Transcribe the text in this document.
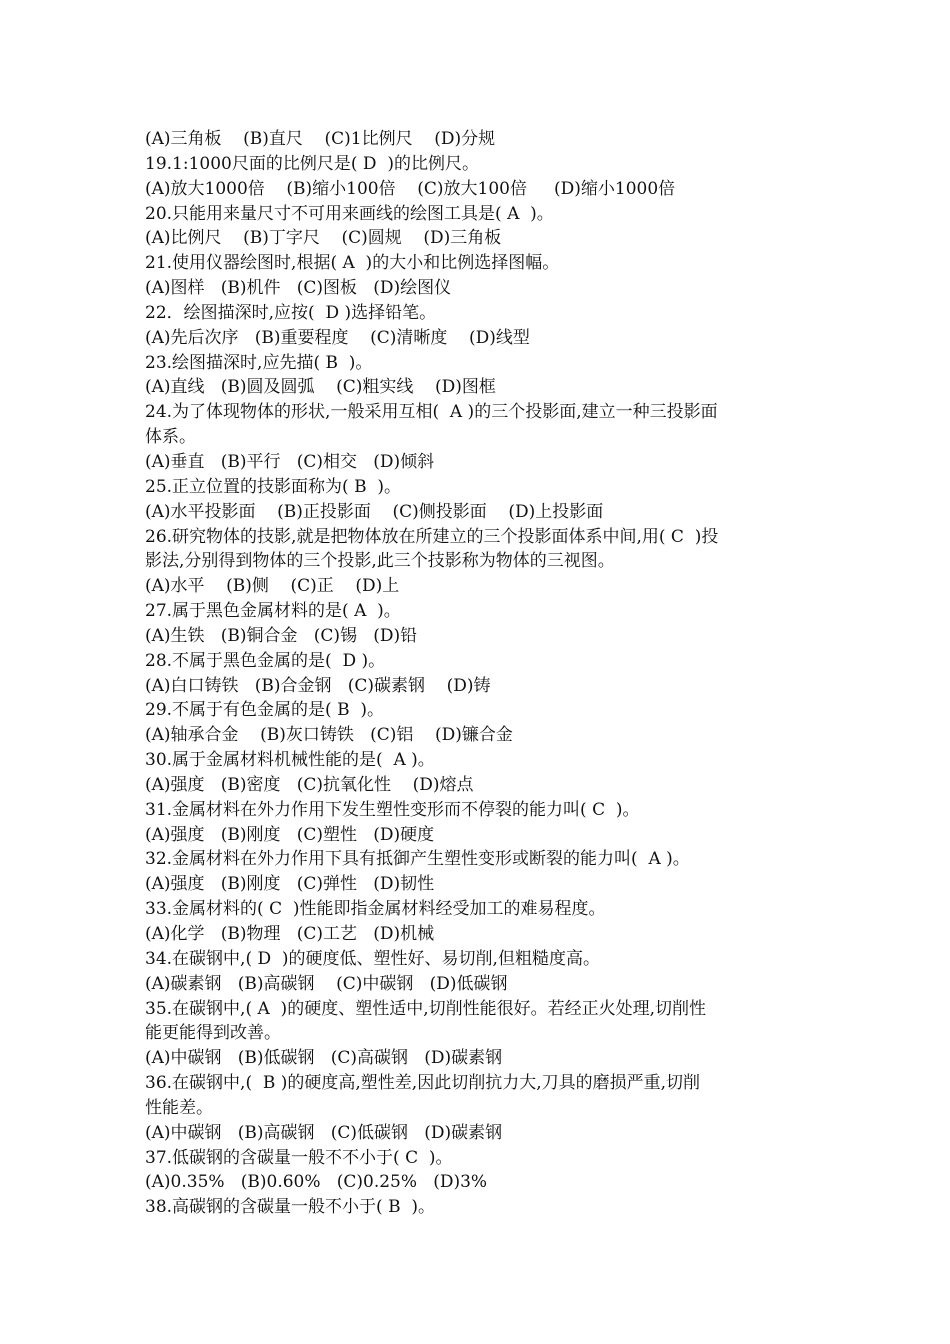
(A)三角板    (B)直尺    (C)1比例尺    (D)分规
19.1:1000尺面的比例尺是( D  )的比例尺。
(A)放大1000倍    (B)缩小100倍    (C)放大100倍     (D)缩小1000倍
20.只能用来量尺寸不可用来画线的绘图工具是( A  )。
(A)比例尺    (B)丁字尺    (C)圆规    (D)三角板
21.使用仪器绘图时,根据( A  )的大小和比例选择图幅。
(A)图样   (B)机件   (C)图板   (D)绘图仪
22．绘图描深时,应按(  D )选择铅笔。
(A)先后次序   (B)重要程度    (C)清晰度    (D)线型
23.绘图描深时,应先描( B  )。
(A)直线   (B)圆及圆弧    (C)粗实线    (D)图框
24.为了体现物体的形状,一般采用互相(  A )的三个投影面,建立一种三投影面
体系。
(A)垂直   (B)平行   (C)相交   (D)倾斜
25.正立位置的技影面称为( B  )。
(A)水平投影面    (B)正投影面    (C)侧投影面    (D)上投影面
26.研究物体的技影,就是把物体放在所建立的三个投影面体系中间,用( C  )投
影法,分别得到物体的三个投影,此三个技影称为物体的三视图。
(A)水平    (B)侧    (C)正    (D)上
27.属于黑色金属材料的是( A  )。
(A)生铁   (B)铜合金   (C)锡   (D)铅
28.不属于黑色金属的是(  D )。
(A)白口铸铁   (B)合金钢   (C)碳素钢    (D)铸
29.不属于有色金属的是( B  )。
(A)轴承合金    (B)灰口铸铁   (C)铝    (D)镰合金
30.属于金属材料机械性能的是(  A )。
(A)强度   (B)密度   (C)抗氧化性    (D)熔点
31.金属材料在外力作用下发生塑性变形而不停裂的能力叫( C  )。
(A)强度   (B)刚度   (C)塑性   (D)硬度
32.金属材料在外力作用下具有抵御产生塑性变形或断裂的能力叫(  A )。
(A)强度   (B)刚度   (C)弹性   (D)韧性
33.金属材料的( C  )性能即指金属材料经受加工的难易程度。
(A)化学   (B)物理   (C)工艺   (D)机械
34.在碳钢中,( D  )的硬度低、塑性好、易切削,但粗糙度高。
(A)碳素钢   (B)高碳钢    (C)中碳钢   (D)低碳钢
35.在碳钢中,( A  )的硬度、塑性适中,切削性能很好。若经正火处理,切削性
能更能得到改善。
(A)中碳钢   (B)低碳钢   (C)高碳钢   (D)碳素钢
36.在碳钢中,(  B )的硬度高,塑性差,因此切削抗力大,刀具的磨损严重,切削
性能差。
(A)中碳钢   (B)高碳钢   (C)低碳钢   (D)碳素钢
37.低碳钢的含碳量一般不不小于( C  )。
(A)0.35%   (B)0.60%   (C)0.25%   (D)3%
38.高碳钢的含碳量一般不小于( B  )。
